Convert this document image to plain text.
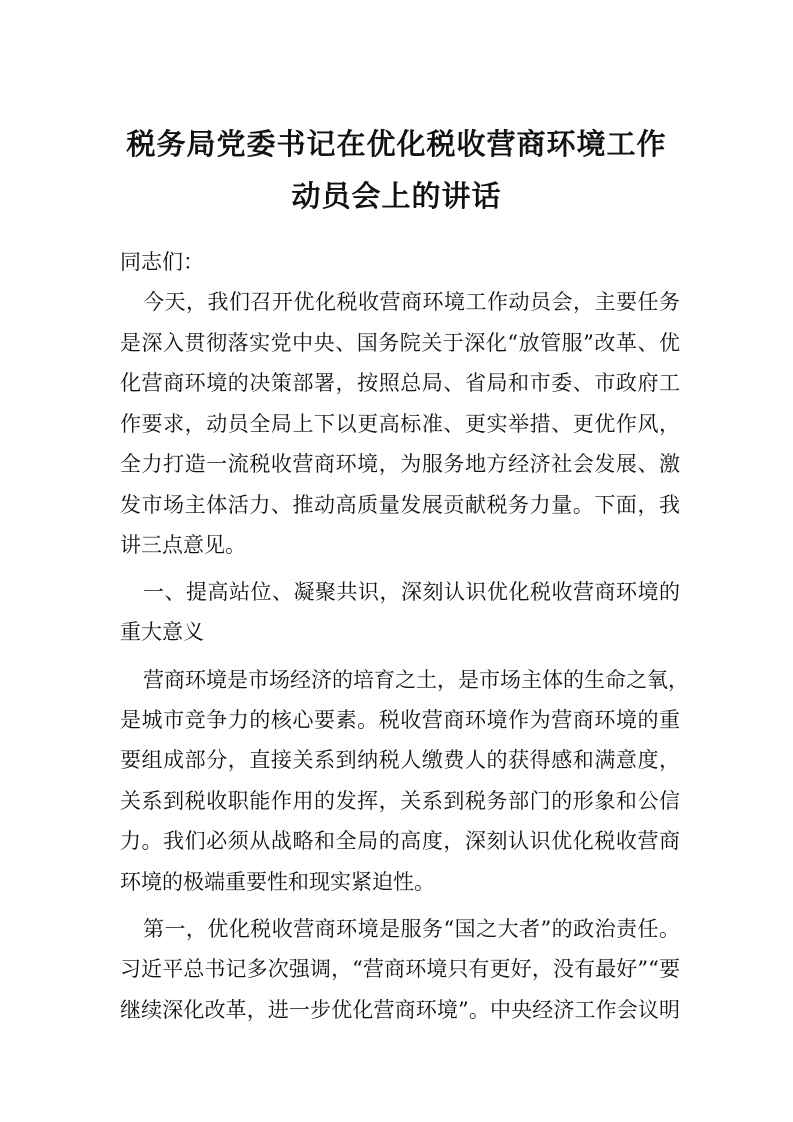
税务局党委书记在优化税收营商环境工作
动员会上的讲话
同志们：
今天，我们召开优化税收营商环境工作动员会，主要任务
是深入贯彻落实党中央、国务院关于深化“放管服”改革、优
化营商环境的决策部署，按照总局、省局和市委、市政府工
作要求，动员全局上下以更高标准、更实举措、更优作风，
全力打造一流税收营商环境，为服务地方经济社会发展、激
发市场主体活力、推动高质量发展贡献税务力量。下面，我
讲三点意见。
一、提高站位、凝聚共识，深刻认识优化税收营商环境的
重大意义
营商环境是市场经济的培育之土，是市场主体的生命之氧，
是城市竞争力的核心要素。税收营商环境作为营商环境的重
要组成部分，直接关系到纳税人缴费人的获得感和满意度，
关系到税收职能作用的发挥，关系到税务部门的形象和公信
力。我们必须从战略和全局的高度，深刻认识优化税收营商
环境的极端重要性和现实紧迫性。
第一，优化税收营商环境是服务“国之大者”的政治责任。
习近平总书记多次强调，“营商环境只有更好，没有最好”“要
继续深化改革，进一步优化营商环境”。中央经济工作会议明
